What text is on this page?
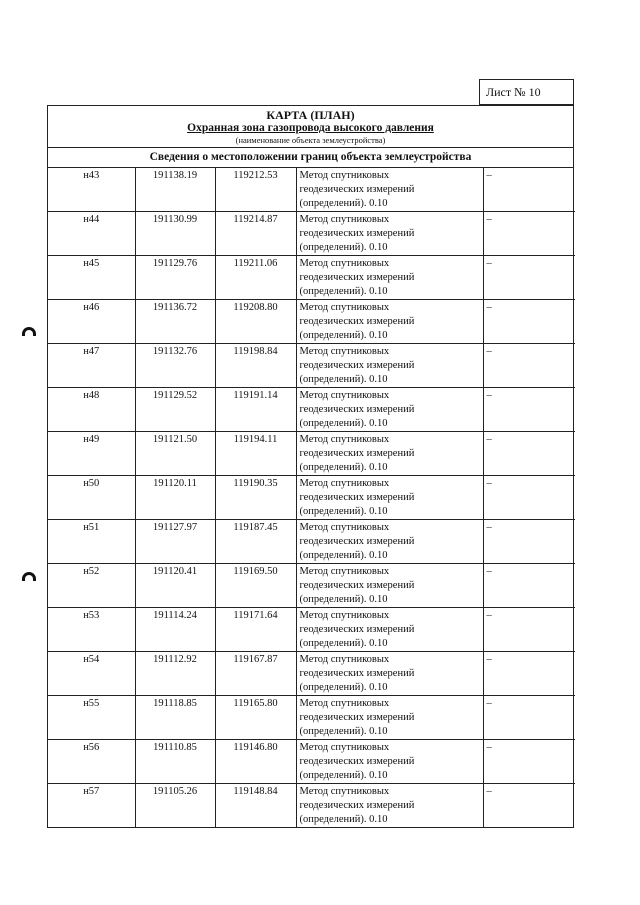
Лист № 10
КАРТА (ПЛАН)
Охранная зона газопровода высокого давления
(наименование объекта землеустройства)
Сведения о местоположении границ объекта землеустройства
н43	191138.19	119212.53	Метод спутниковых
геодезических измерений
(определений). 0.10	–
н44	191130.99	119214.87	Метод спутниковых
геодезических измерений
(определений). 0.10	–
н45	191129.76	119211.06	Метод спутниковых
геодезических измерений
(определений). 0.10	–
н46	191136.72	119208.80	Метод спутниковых
геодезических измерений
(определений). 0.10	–
н47	191132.76	119198.84	Метод спутниковых
геодезических измерений
(определений). 0.10	–
н48	191129.52	119191.14	Метод спутниковых
геодезических измерений
(определений). 0.10	–
н49	191121.50	119194.11	Метод спутниковых
геодезических измерений
(определений). 0.10	–
н50	191120.11	119190.35	Метод спутниковых
геодезических измерений
(определений). 0.10	–
н51	191127.97	119187.45	Метод спутниковых
геодезических измерений
(определений). 0.10	–
н52	191120.41	119169.50	Метод спутниковых
геодезических измерений
(определений). 0.10	–
н53	191114.24	119171.64	Метод спутниковых
геодезических измерений
(определений). 0.10	–
н54	191112.92	119167.87	Метод спутниковых
геодезических измерений
(определений). 0.10	–
н55	191118.85	119165.80	Метод спутниковых
геодезических измерений
(определений). 0.10	–
н56	191110.85	119146.80	Метод спутниковых
геодезических измерений
(определений). 0.10	–
н57	191105.26	119148.84	Метод спутниковых
геодезических измерений
(определений). 0.10	–
